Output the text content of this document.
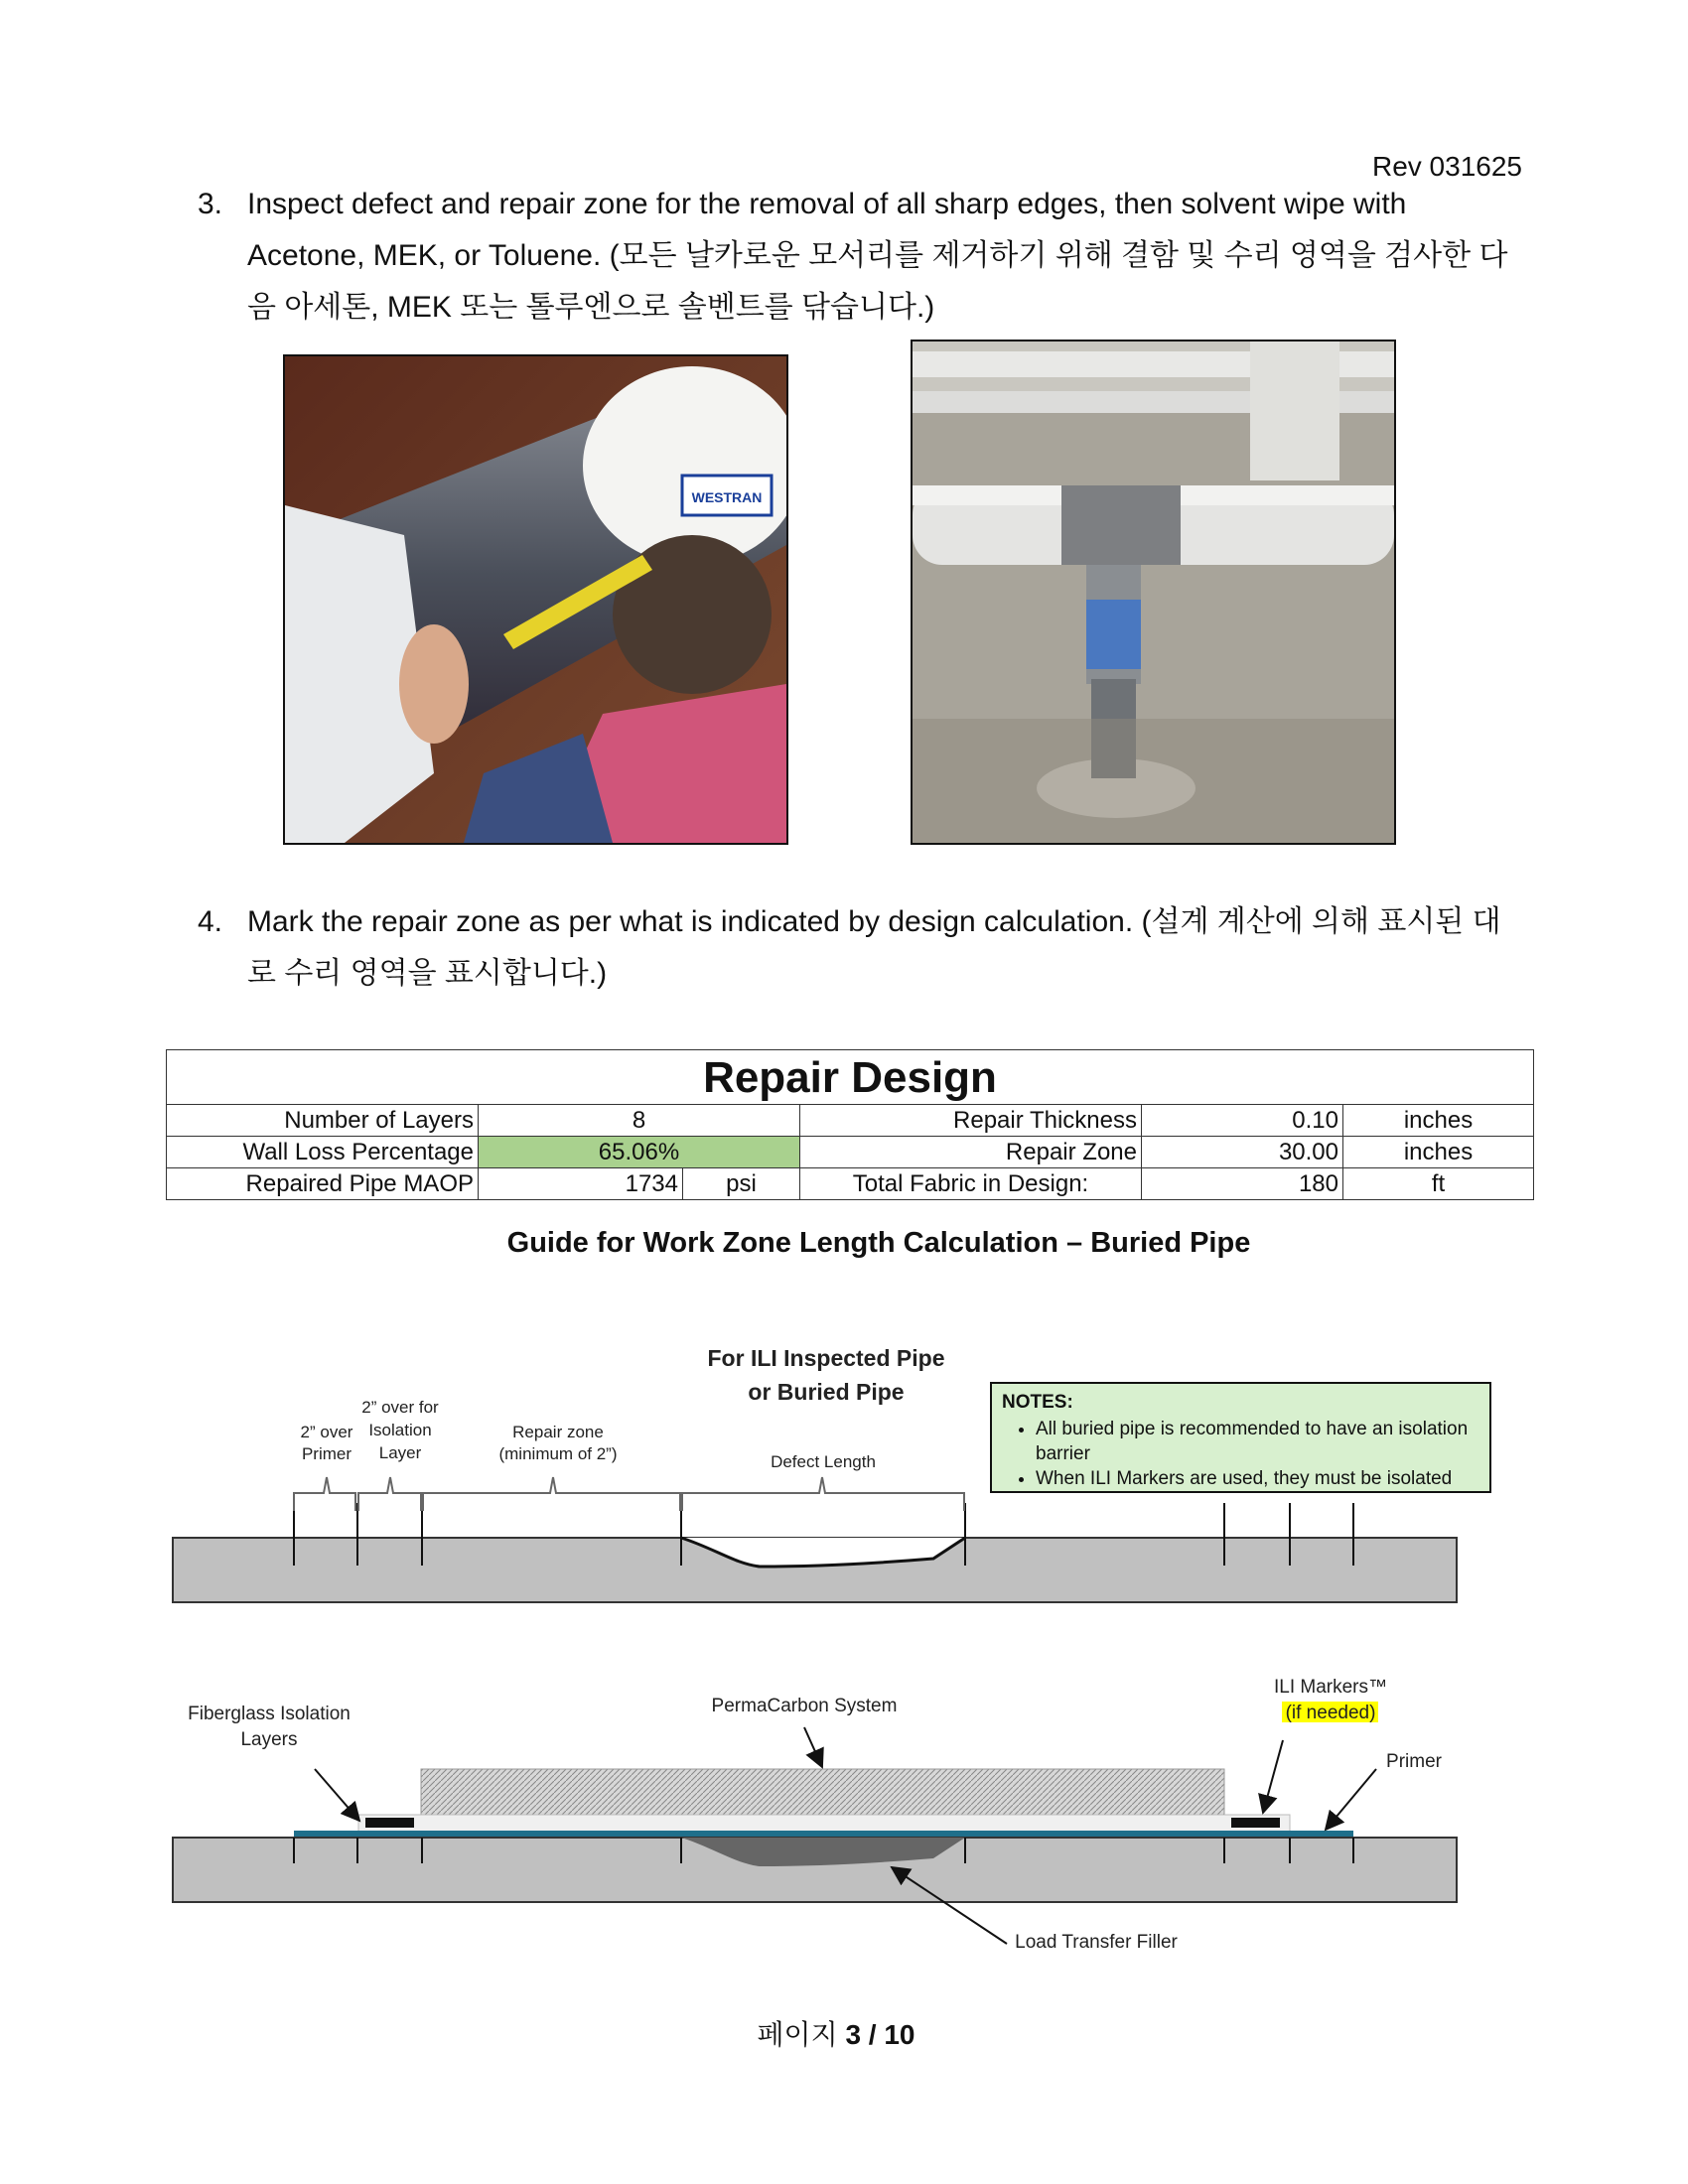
Rev 031625
3. Inspect defect and repair zone for the removal of all sharp edges, then solvent wipe with Acetone, MEK, or Toluene. (모든 날카로운 모서리를 제거하기 위해 결함 및 수리 영역을 검사한 다음 아세톤, MEK 또는 톨루엔으로 솔벤트를 닦습니다.)
WESTRAN
4. Mark the repair zone as per what is indicated by design calculation. (설계 계산에 의해 표시된 대로 수리 영역을 표시합니다.)
Repair Design					
Number of Layers	8		Repair Thickness	0.10	inches
Wall Loss Percentage	65.06%		Repair Zone	30.00	inches
Repaired Pipe MAOP	1734	psi	Total Fabric in Design:	180	ft
Guide for Work Zone Length Calculation – Buried Pipe
2” over
Primer
2” over for
Isolation
Layer
Repair zone
(minimum of 2”)	Defect Length
For ILI Inspected Pipe
or Buried Pipe
Fiberglass Isolation
Layers
PermaCarbon System
ILI Markers™
(if needed)
Primer
Load Transfer Filler
NOTES:
• All buried pipe is recommended to have an isolation barrier
• When ILI Markers are used, they must be isolated
페이지 3 / 10
